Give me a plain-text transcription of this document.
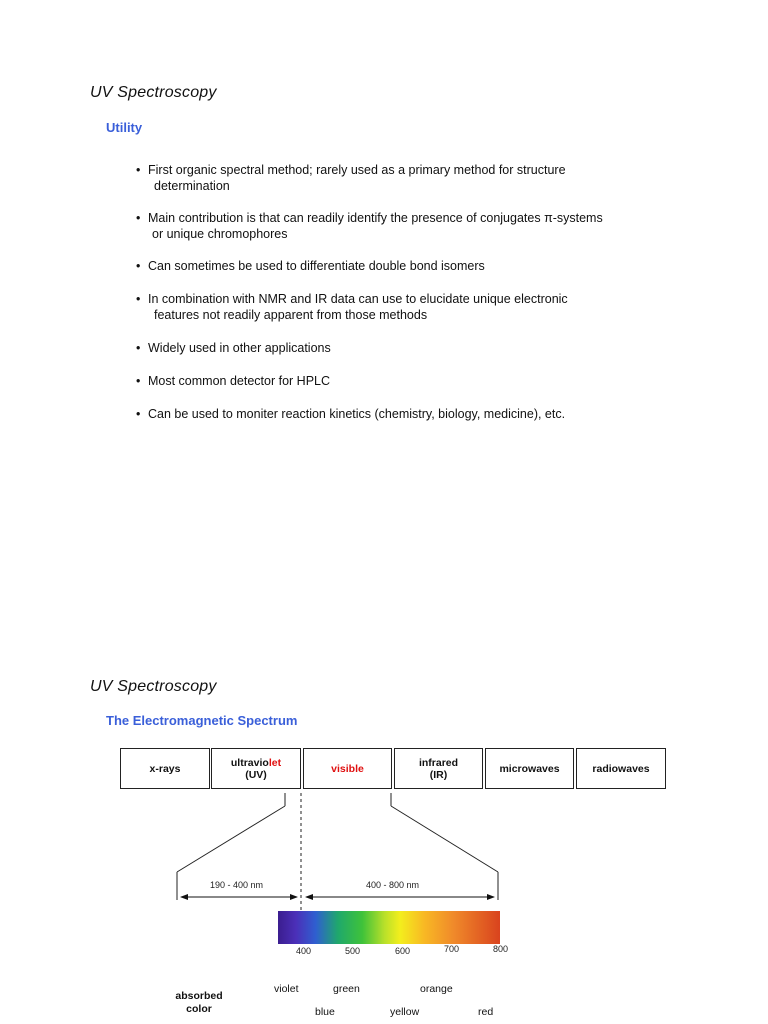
UV Spectroscopy
Utility
• First organic spectral method; rarely used as a primary method for structure
determination
• Main contribution is that can readily identify the presence of conjugates π-systems
or unique chromophores
• Can sometimes be used to differentiate double bond isomers
• In combination with NMR and IR data can use to elucidate unique electronic
features not readily apparent from those methods
• Widely used in other applications
• Most common detector for HPLC
• Can be used to moniter reaction kinetics (chemistry, biology, medicine), etc.
UV Spectroscopy
The Electromagnetic Spectrum
x-rays	ultraviolet
(UV)	visible	infrared
(IR)	microwaves	radiowaves
190 - 400 nm	400 - 800 nm
400	500	600	700	800
violet	green	orange
blue	yellow	red
absorbed
color
